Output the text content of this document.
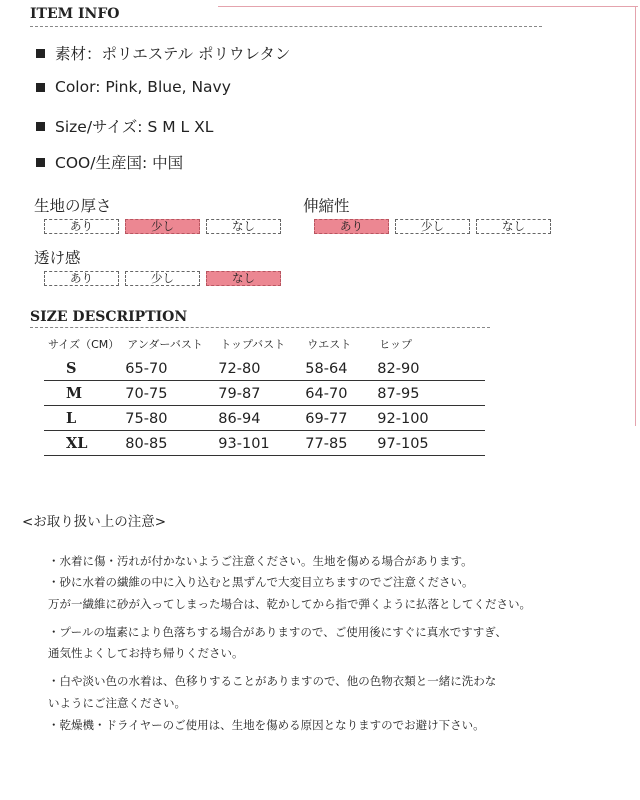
ITEM INFO
素材：ポリエステル ポリウレタン
Color: Pink, Blue, Navy
Size/サイズ: S M L XL
COO/生産国: 中国
生地の厚さ
あり	少し	なし
伸縮性
あり	少し	なし
透け感
あり	少し	なし
SIZE DESCRIPTION
サイズ（CM）	アンダーバスト	トップバスト	ウエスト	ヒップ
S	65-70	72-80	58-64	82-90
M	70-75	79-87	64-70	87-95
L	75-80	86-94	69-77	92-100
XL	80-85	93-101	77-85	97-105
<お取り扱い上の注意>
・水着に傷・汚れが付かないようご注意ください。生地を傷める場合があります。
・砂に水着の繊維の中に入り込むと黒ずんで大変目立ちますのでご注意ください。
万が一繊維に砂が入ってしまった場合は、乾かしてから指で弾くように払落としてください。
・プールの塩素により色落ちする場合がありますので、ご使用後にすぐに真水ですすぎ、
通気性よくしてお持ち帰りください。
・白や淡い色の水着は、色移りすることがありますので、他の色物衣類と一緒に洗わな
いようにご注意ください。
・乾燥機・ドライヤーのご使用は、生地を傷める原因となりますのでお避け下さい。
